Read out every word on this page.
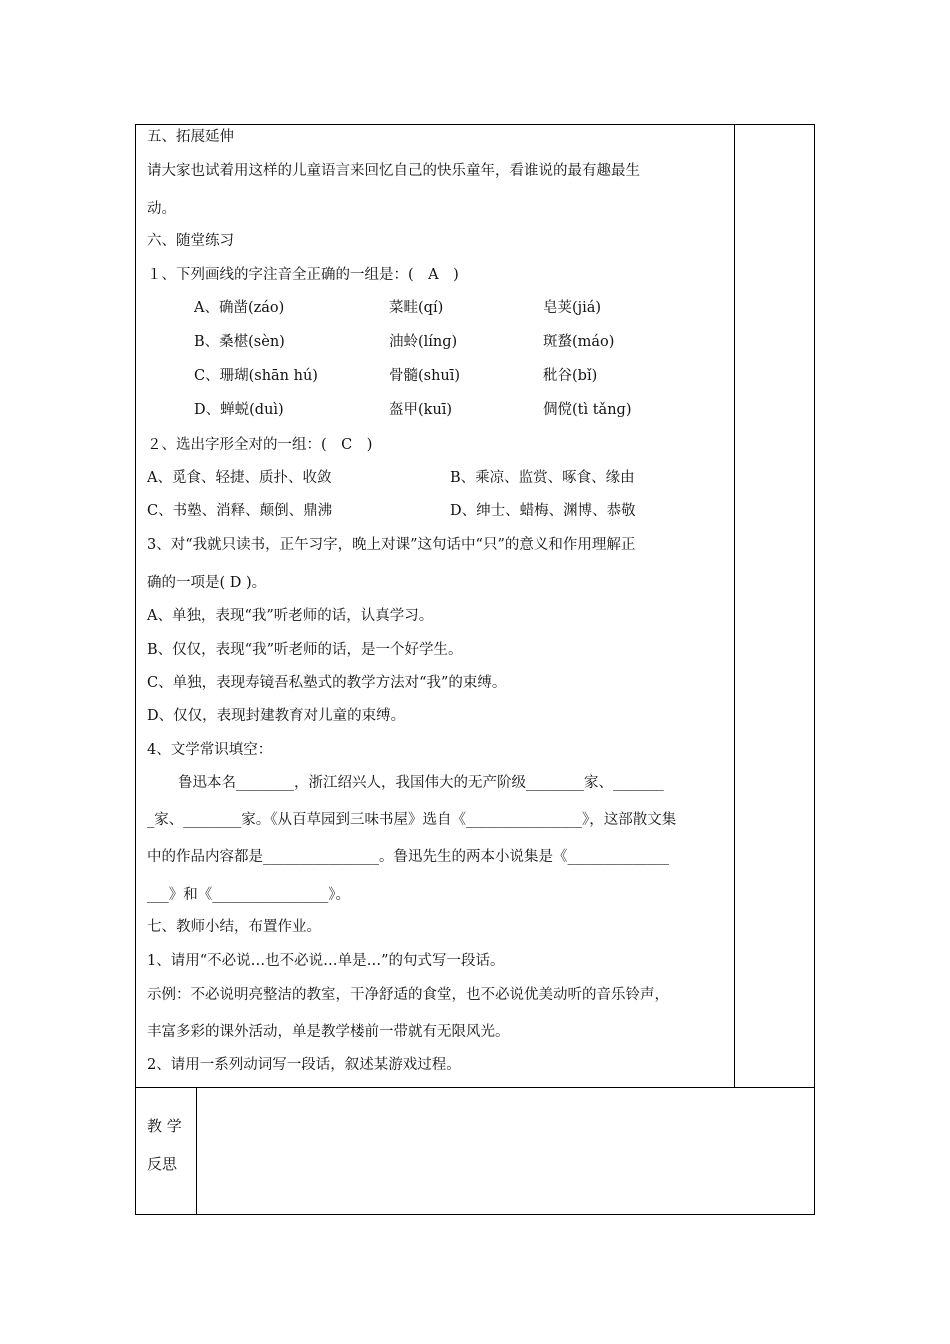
五、拓展延伸
请大家也试着用这样的儿童语言来回忆自己的快乐童年，看谁说的最有趣最生
动。
六、随堂练习
１、下列画线的字注音全正确的一组是：(　A　)
A、确凿(záo)	菜畦(qí)	皂荚(jiá)
B、桑椹(sèn)	油蛉(línɡ)	斑蝥(máo)
C、珊瑚(shān hú)	骨髓(shuī)	秕谷(bǐ)
D、蝉蜕(duì)	盔甲(kuī)	倜傥(tì tǎnɡ)
２、选出字形全对的一组：(　C　)
A、觅食、轻捷、质扑、收敛	B、乘凉、监赏、啄食、缘由
C、书塾、消释、颠倒、鼎沸	D、绅士、蜡梅、渊博、恭敬
3、对“我就只读书，正午习字，晚上对课”这句话中“只”的意义和作用理解正
确的一项是( D )。
A、单独，表现“我”听老师的话，认真学习。
B、仅仅，表现“我”听老师的话，是一个好学生。
C、单独，表现寿镜吾私塾式的教学方法对“我”的束缚。
D、仅仅，表现封建教育对儿童的束缚。
4、文学常识填空：
鲁迅本名________，浙江绍兴人，我国伟大的无产阶级________家、_______
_家、________家。《从百草园到三味书屋》选自《________________》，这部散文集
中的作品内容都是________________。鲁迅先生的两本小说集是《______________
___》和《________________》。
七、教师小结，布置作业。
1、请用“不必说…也不必说…单是…”的句式写一段话。
示例：不必说明亮整洁的教室，干净舒适的食堂，也不必说优美动听的音乐铃声，
丰富多彩的课外活动，单是教学楼前一带就有无限风光。
2、请用一系列动词写一段话，叙述某游戏过程。
教 学
反思
